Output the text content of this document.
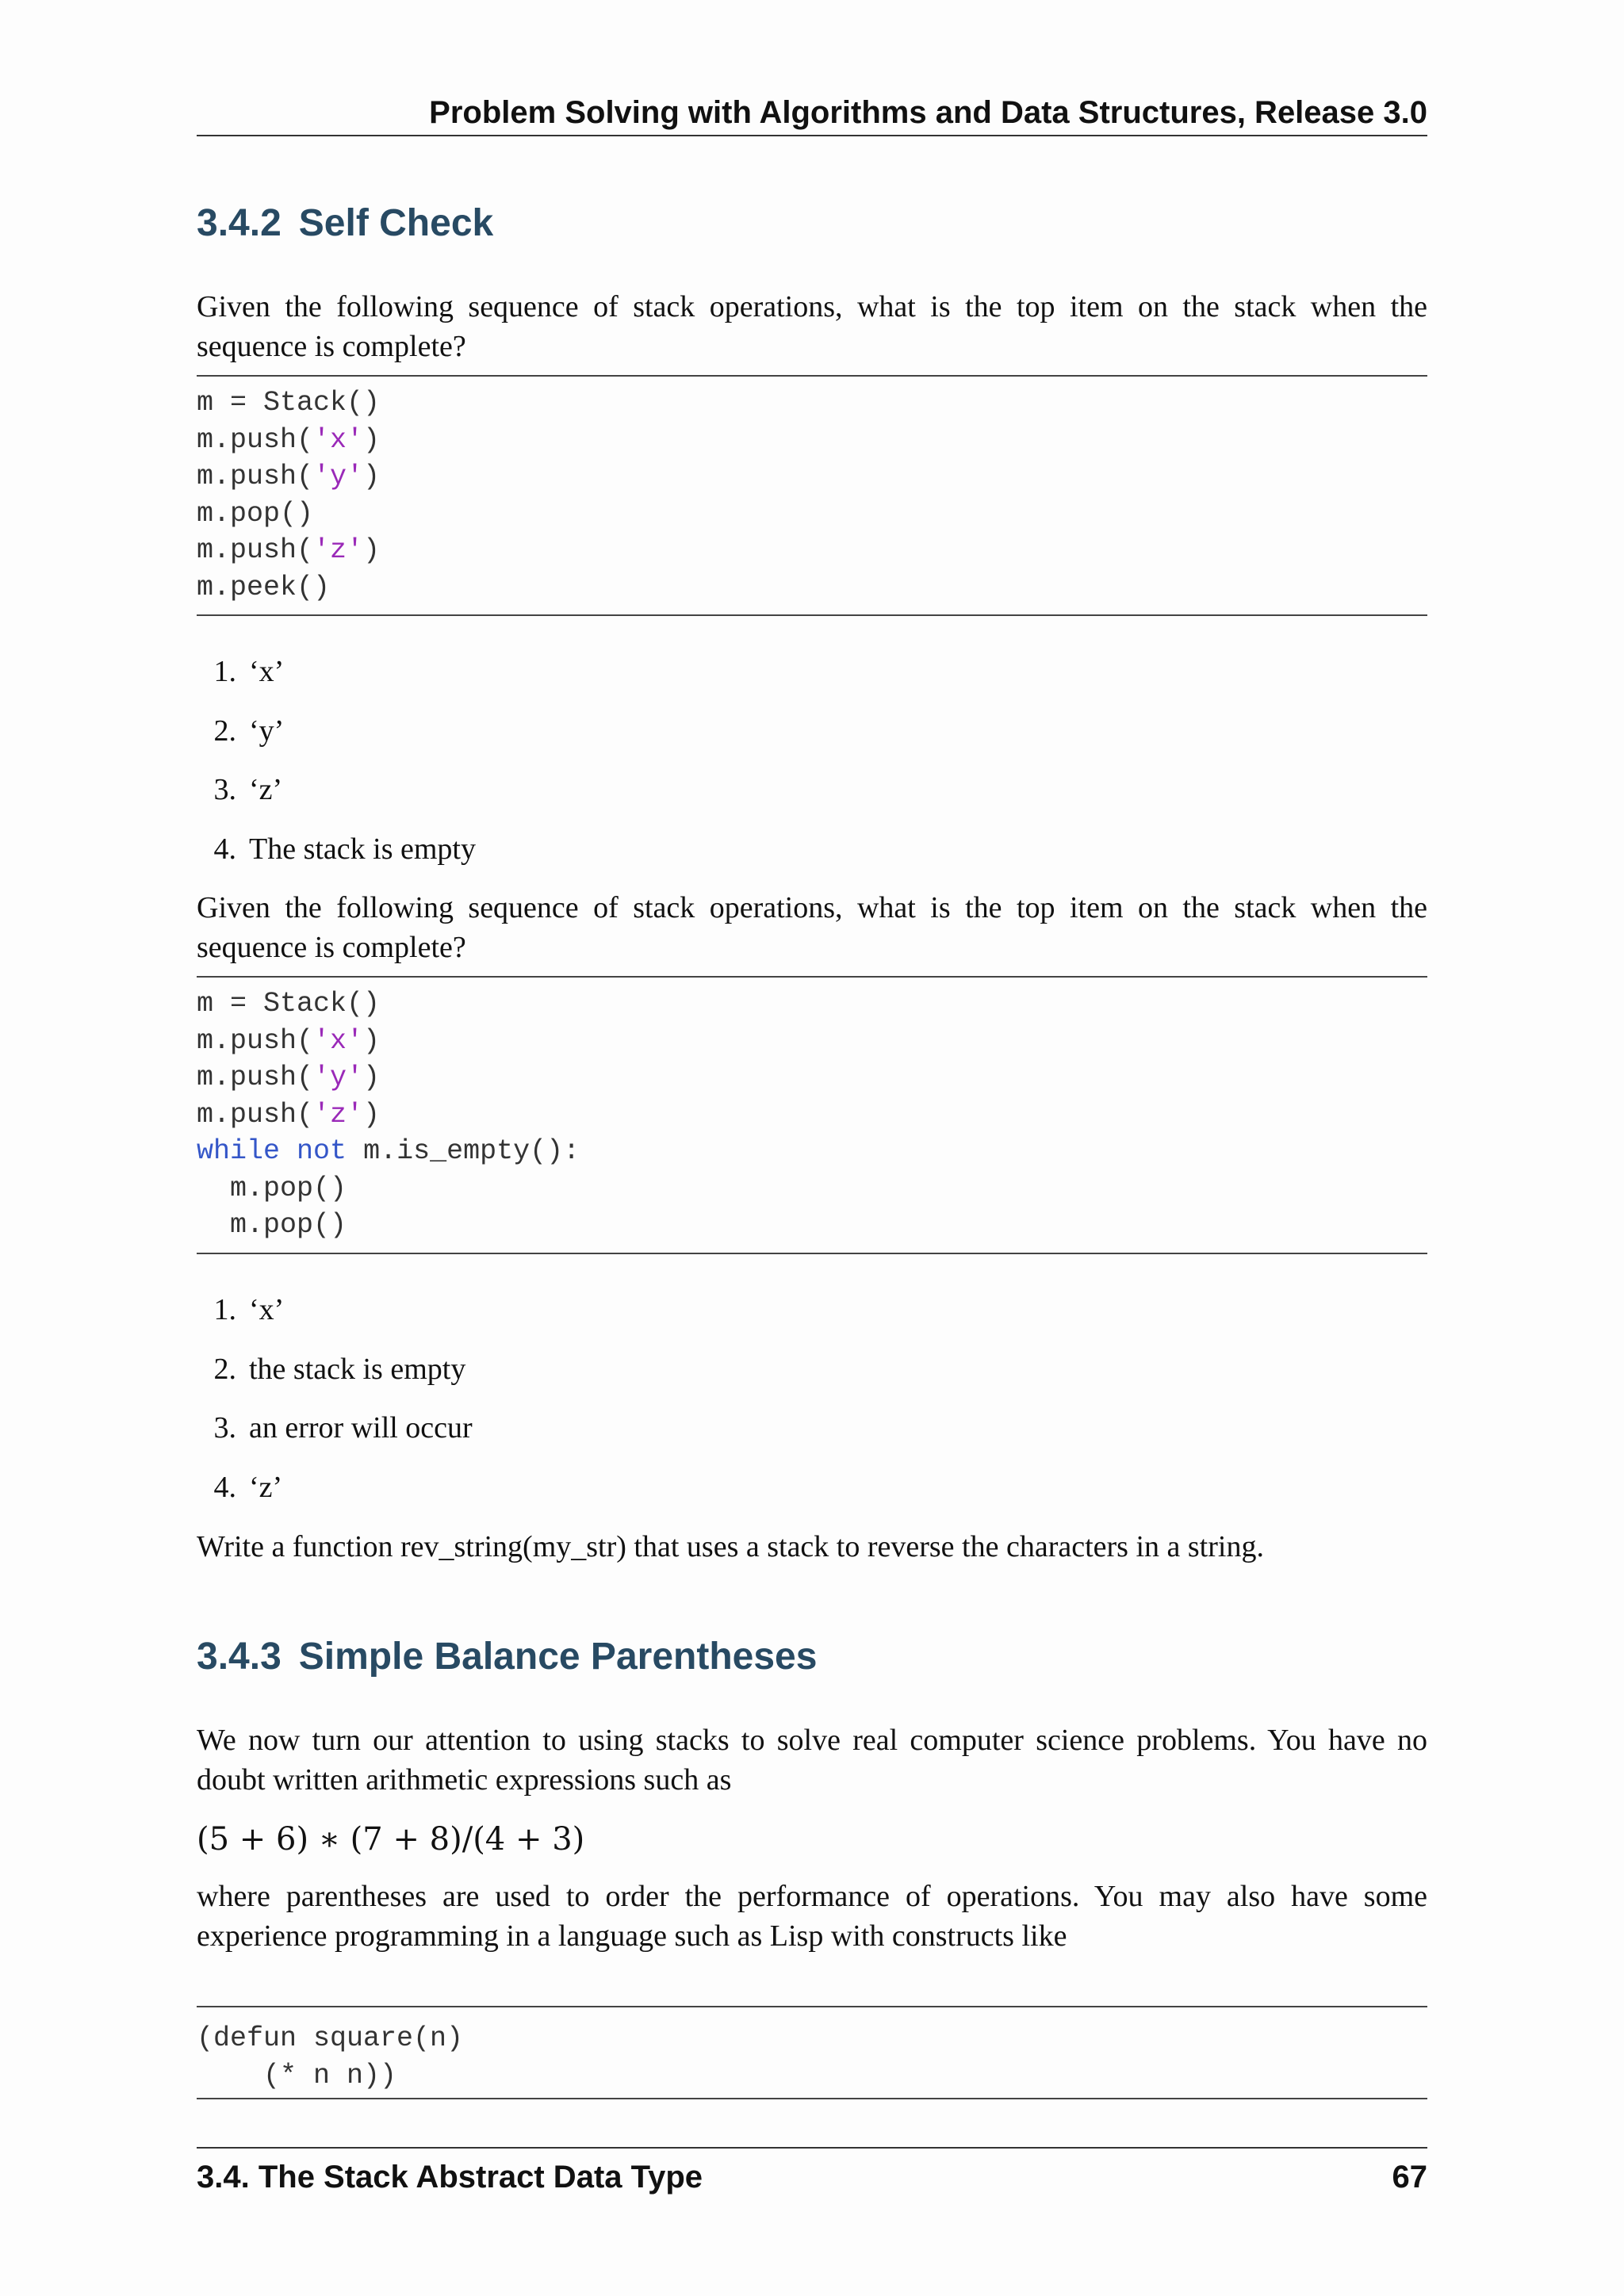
Problem Solving with Algorithms and Data Structures, Release 3.0
3.4.2 Self Check

Given the following sequence of stack operations, what is the top item on the stack when the sequence is complete?

m = Stack()
m.push('x')
m.push('y')
m.pop()
m.push('z')
m.peek()
1. ‘x’
2. ‘y’
3. ‘z’
4. The stack is empty

Given the following sequence of stack operations, what is the top item on the stack when the sequence is complete?

m = Stack()
m.push('x')
m.push('y')
m.push('z')
while not m.is_empty():
m.pop()
m.pop()
1. ‘x’
2. the stack is empty
3. an error will occur
4. ‘z’

Write a function rev_string(my_str) that uses a stack to reverse the characters in a string.

3.4.3 Simple Balance Parentheses

We now turn our attention to using stacks to solve real computer science problems. You have no doubt written arithmetic expressions such as

(5 + 6) ∗ (7 + 8)/(4 + 3)

where parentheses are used to order the performance of operations. You may also have some experience programming in a language such as Lisp with constructs like

(defun square(n)
(* n n))
3.4. The Stack Abstract Data Type	67
